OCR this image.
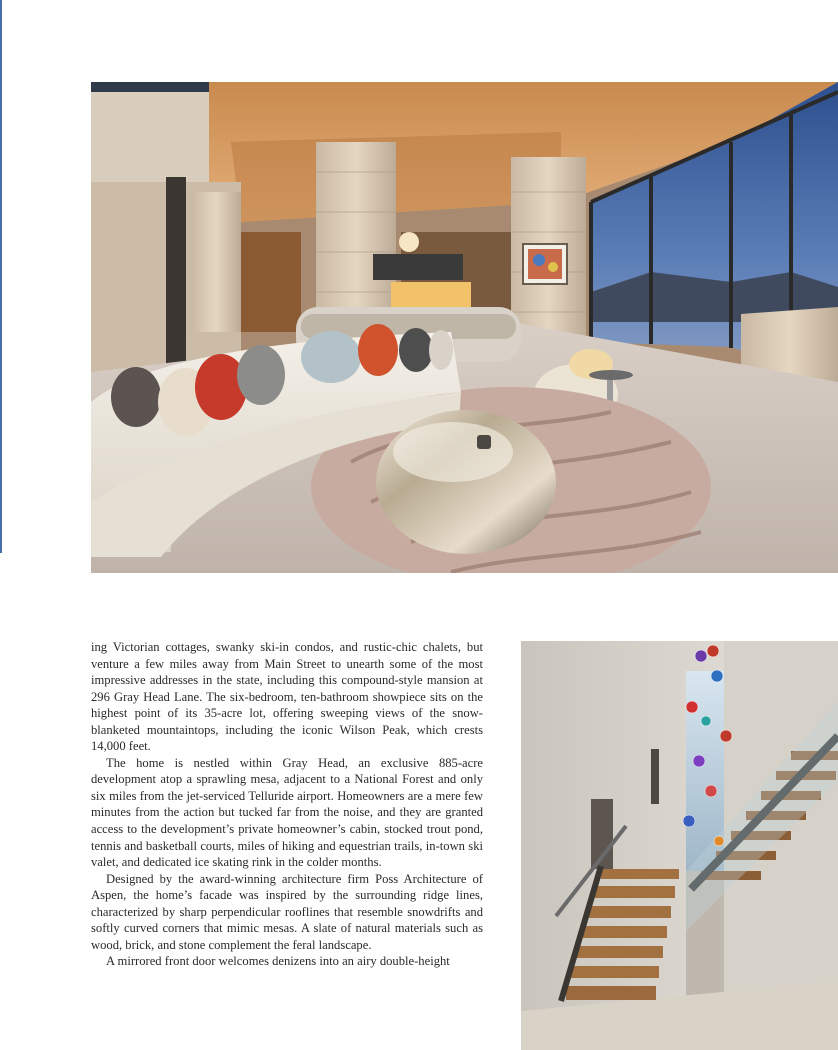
ing Victorian cottages, swanky ski-in condos, and rustic-chic chalets, but venture a few miles away from Main Street to unearth some of the most impressive addresses in the state, including this compound-style mansion at 296 Gray Head Lane. The six-bedroom, ten-bathroom showpiece sits on the highest point of its 35-acre lot, offering sweeping views of the snow-blanketed mountaintops, including the iconic Wilson Peak, which crests 14,000 feet.

The home is nestled within Gray Head, an exclusive 885-acre development atop a sprawling mesa, adjacent to a National Forest and only six miles from the jet-serviced Telluride airport. Homeowners are a mere few minutes from the action but tucked far from the noise, and they are granted access to the development’s private homeowner’s cabin, stocked trout pond, tennis and basketball courts, miles of hiking and equestrian trails, in-town ski valet, and dedicated ice skating rink in the colder months.

Designed by the award-winning architecture firm Poss Architecture of Aspen, the home’s facade was inspired by the surrounding ridge lines, characterized by sharp perpendicular rooflines that resemble snowdrifts and softly curved corners that mimic mesas. A slate of natural materials such as wood, brick, and stone complement the feral landscape.

A mirrored front door welcomes denizens into an airy double-height
